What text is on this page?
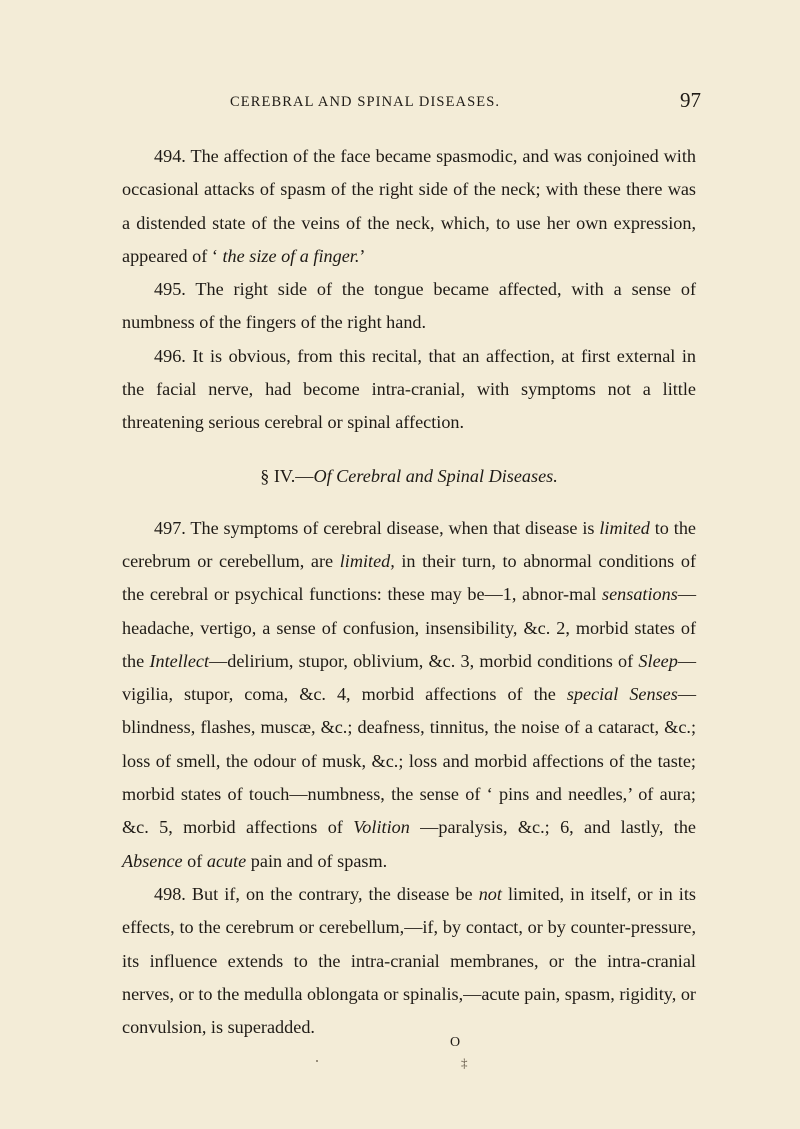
CEREBRAL AND SPINAL DISEASES.	97

494. The affection of the face became spasmodic, and was conjoined with occasional attacks of spasm of the right side of the neck; with these there was a distended state of the veins of the neck, which, to use her own expression, appeared of ‘ the size of a finger.’

495. The right side of the tongue became affected, with a sense of numbness of the fingers of the right hand.

496. It is obvious, from this recital, that an affection, at first external in the facial nerve, had become intra-cranial, with symptoms not a little threatening serious cerebral or spinal affection.

§ IV.—Of Cerebral and Spinal Diseases.

497. The symptoms of cerebral disease, when that disease is limited to the cerebrum or cerebellum, are limited, in their turn, to abnormal conditions of the cerebral or psychical functions: these may be—1, abnor-mal sensations—headache, vertigo, a sense of confusion, insensibility, &c. 2, morbid states of the Intellect—delirium, stupor, oblivium, &c. 3, morbid conditions of Sleep—vigilia, stupor, coma, &c. 4, morbid affections of the special Senses—blindness, flashes, muscæ, &c.; deafness, tinnitus, the noise of a cataract, &c.; loss of smell, the odour of musk, &c.; loss and morbid affections of the taste; morbid states of touch—numbness, the sense of ‘ pins and needles,’ of aura; &c. 5, morbid affections of Volition —paralysis, &c.; 6, and lastly, the Absence of acute pain and of spasm.

498. But if, on the contrary, the disease be not limited, in itself, or in its effects, to the cerebrum or cerebellum,—if, by contact, or by counter-pressure, its influence extends to the intra-cranial membranes, or the intra-cranial nerves, or to the medulla oblongata or spinalis,—acute pain, spasm, rigidity, or convulsion, is superadded.

O
‡
